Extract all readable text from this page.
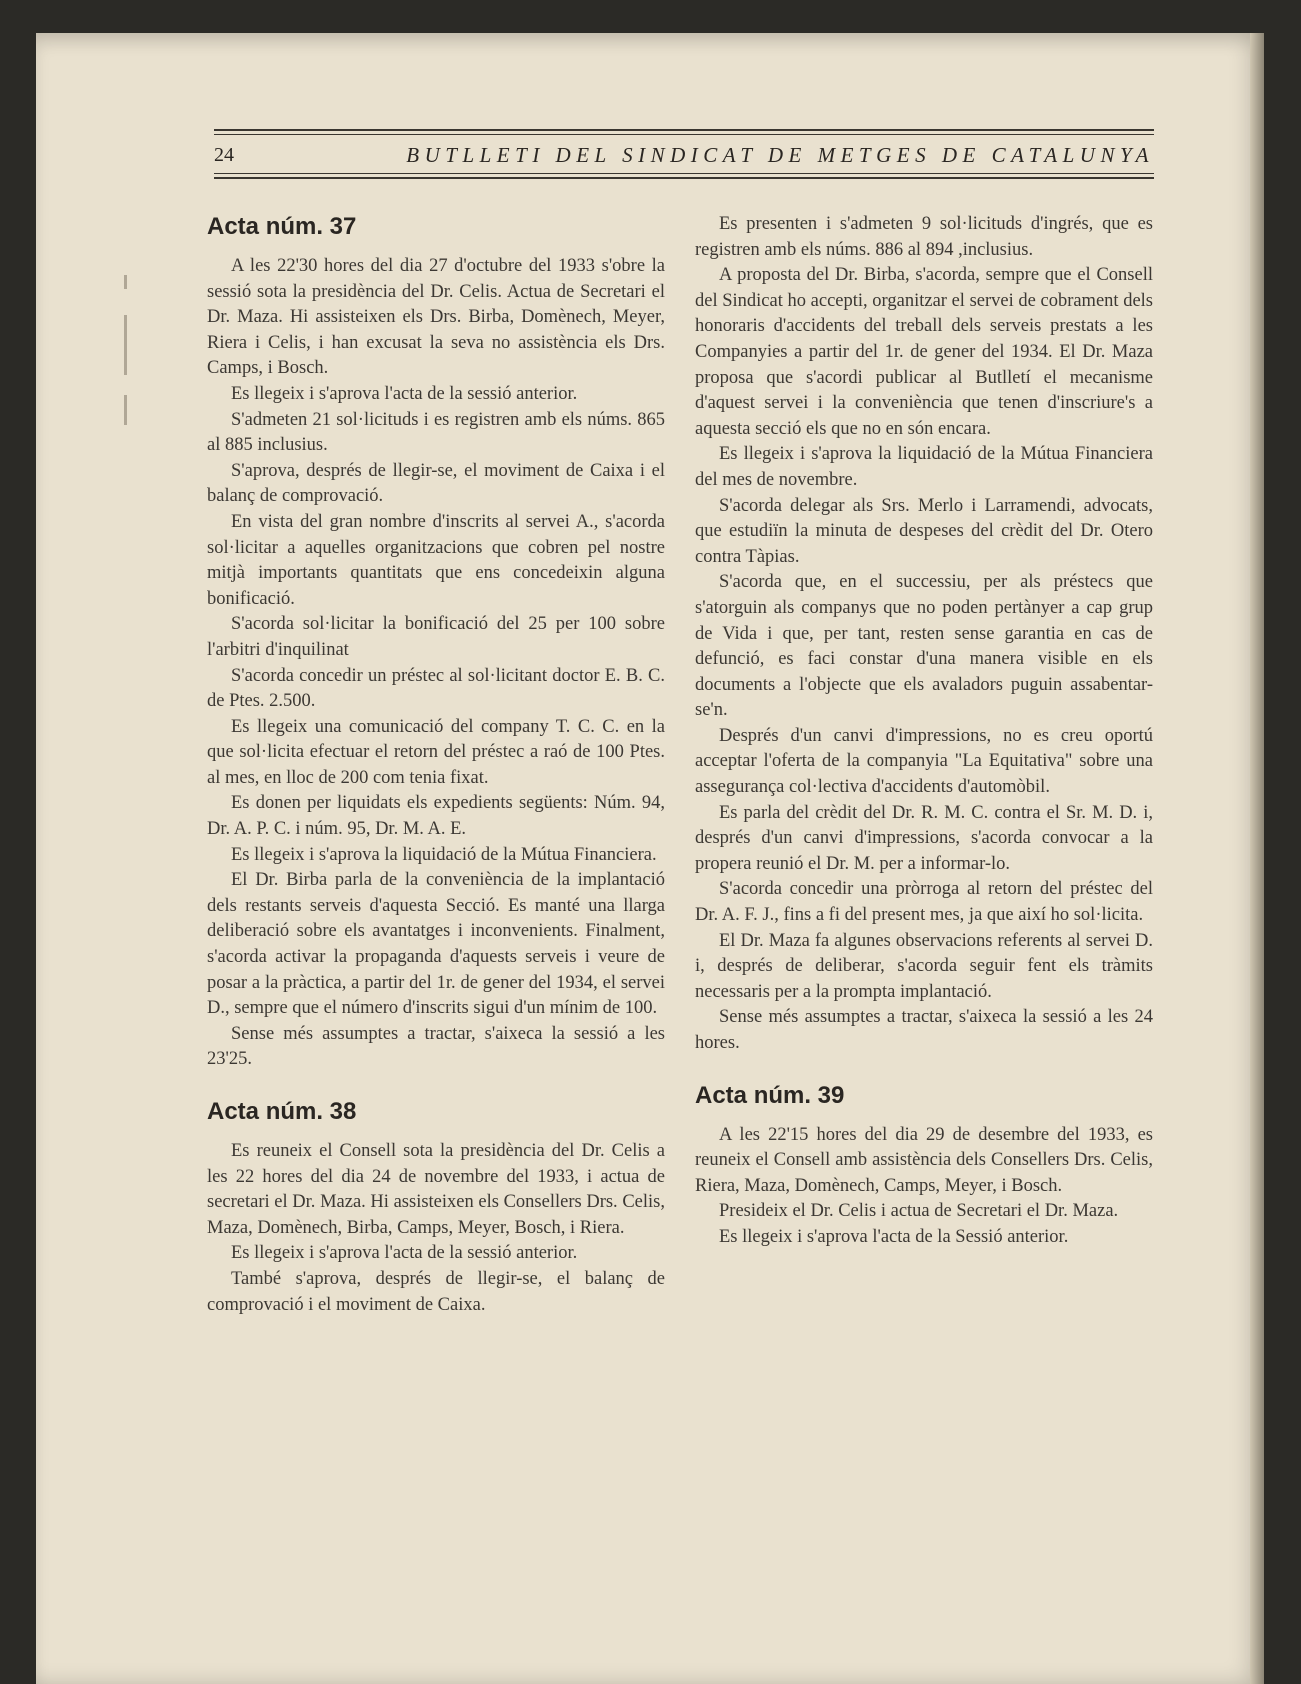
24	BUTLLETI DEL SINDICAT DE METGES DE CATALUNYA
Acta núm. 37

A les 22'30 hores del dia 27 d'octubre del 1933 s'obre la sessió sota la presidència del Dr. Celis. Actua de Secretari el Dr. Maza. Hi assisteixen els Drs. Birba, Domènech, Meyer, Riera i Celis, i han excusat la seva no assistència els Drs. Camps, i Bosch.

Es llegeix i s'aprova l'acta de la sessió anterior.

S'admeten 21 sol·licituds i es registren amb els núms. 865 al 885 inclusius.

S'aprova, després de llegir-se, el moviment de Caixa i el balanç de comprovació.

En vista del gran nombre d'inscrits al servei A., s'acorda sol·licitar a aquelles organitzacions que cobren pel nostre mitjà importants quantitats que ens concedeixin alguna bonificació.

S'acorda sol·licitar la bonificació del 25 per 100 sobre l'arbitri d'inquilinat

S'acorda concedir un préstec al sol·licitant doctor E. B. C. de Ptes. 2.500.

Es llegeix una comunicació del company T. C. C. en la que sol·licita efectuar el retorn del préstec a raó de 100 Ptes. al mes, en lloc de 200 com tenia fixat.

Es donen per liquidats els expedients següents: Núm. 94, Dr. A. P. C. i núm. 95, Dr. M. A. E.

Es llegeix i s'aprova la liquidació de la Mútua Financiera.

El Dr. Birba parla de la conveniència de la implantació dels restants serveis d'aquesta Secció. Es manté una llarga deliberació sobre els avantatges i inconvenients. Finalment, s'acorda activar la propaganda d'aquests serveis i veure de posar a la pràctica, a partir del 1r. de gener del 1934, el servei D., sempre que el número d'inscrits sigui d'un mínim de 100.

Sense més assumptes a tractar, s'aixeca la sessió a les 23'25.

Acta núm. 38

Es reuneix el Consell sota la presidència del Dr. Celis a les 22 hores del dia 24 de novembre del 1933, i actua de secretari el Dr. Maza. Hi assisteixen els Consellers Drs. Celis, Maza, Domènech, Birba, Camps, Meyer, Bosch, i Riera.

Es llegeix i s'aprova l'acta de la sessió anterior.

També s'aprova, després de llegir-se, el balanç de comprovació i el moviment de Caixa.

Es presenten i s'admeten 9 sol·licituds d'ingrés, que es registren amb els núms. 886 al 894 ,inclusius.

A proposta del Dr. Birba, s'acorda, sempre que el Consell del Sindicat ho accepti, organitzar el servei de cobrament dels honoraris d'accidents del treball dels serveis prestats a les Companyies a partir del 1r. de gener del 1934. El Dr. Maza proposa que s'acordi publicar al Butlletí el mecanisme d'aquest servei i la conveniència que tenen d'inscriure's a aquesta secció els que no en són encara.

Es llegeix i s'aprova la liquidació de la Mútua Financiera del mes de novembre.

S'acorda delegar als Srs. Merlo i Larramendi, advocats, que estudiïn la minuta de despeses del crèdit del Dr. Otero contra Tàpias.

S'acorda que, en el successiu, per als préstecs que s'atorguin als companys que no poden pertànyer a cap grup de Vida i que, per tant, resten sense garantia en cas de defunció, es faci constar d'una manera visible en els documents a l'objecte que els avaladors puguin assabentar-se'n.

Després d'un canvi d'impressions, no es creu oportú acceptar l'oferta de la companyia "La Equitativa" sobre una assegurança col·lectiva d'accidents d'automòbil.

Es parla del crèdit del Dr. R. M. C. contra el Sr. M. D. i, després d'un canvi d'impressions, s'acorda convocar a la propera reunió el Dr. M. per a informar-lo.

S'acorda concedir una pròrroga al retorn del préstec del Dr. A. F. J., fins a fi del present mes, ja que així ho sol·licita.

El Dr. Maza fa algunes observacions referents al servei D. i, després de deliberar, s'acorda seguir fent els tràmits necessaris per a la prompta implantació.

Sense més assumptes a tractar, s'aixeca la sessió a les 24 hores.

Acta núm. 39

A les 22'15 hores del dia 29 de desembre del 1933, es reuneix el Consell amb assistència dels Consellers Drs. Celis, Riera, Maza, Domènech, Camps, Meyer, i Bosch.

Presideix el Dr. Celis i actua de Secretari el Dr. Maza.

Es llegeix i s'aprova l'acta de la Sessió anterior.
